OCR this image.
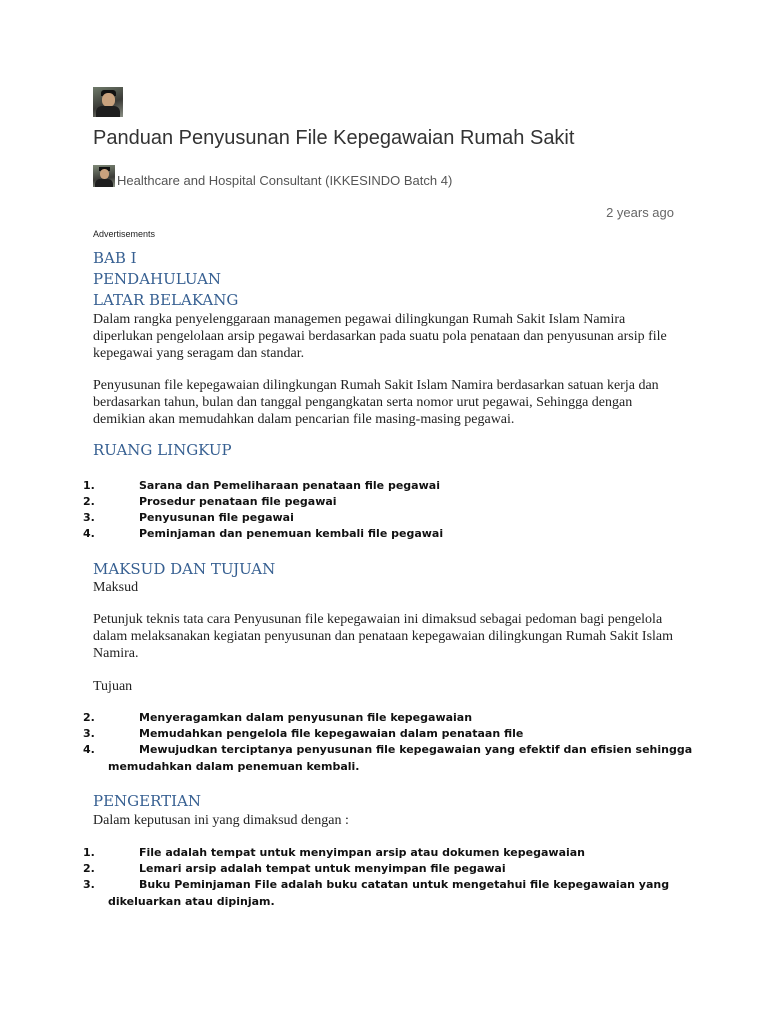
Panduan Penyusunan File Kepegawaian Rumah Sakit
Healthcare and Hospital Consultant (IKKESINDO Batch 4)
2 years ago
Advertisements
BAB I
PENDAHULUAN
LATAR BELAKANG

Dalam rangka penyelenggaraan managemen pegawai dilingkungan Rumah Sakit Islam Namira diperlukan pengelolaan arsip pegawai berdasarkan pada suatu pola penataan dan penyusunan arsip file kepegawai yang seragam dan standar.

Penyusunan file kepegawaian dilingkungan Rumah Sakit Islam Namira berdasarkan satuan kerja dan berdasarkan tahun, bulan dan tanggal pengangkatan serta nomor urut pegawai, Sehingga dengan demikian akan memudahkan dalam pencarian file masing-masing pegawai.

RUANG LINGKUP
1.	Sarana dan Pemeliharaan penataan file pegawai
2.	Prosedur penataan file pegawai
3.	Penyusunan file pegawai
4.	Peminjaman dan penemuan kembali file pegawai
MAKSUD DAN TUJUAN

Maksud

Petunjuk teknis tata cara Penyusunan file kepegawaian ini dimaksud sebagai pedoman bagi pengelola dalam melaksanakan kegiatan penyusunan dan penataan kepegawaian dilingkungan Rumah Sakit Islam Namira.

Tujuan

2.	Menyeragamkan dalam penyusunan file kepegawaian
3.	Memudahkan pengelola file kepegawaian dalam penataan file
4.	Mewujudkan terciptanya penyusunan file kepegawaian yang efektif dan efisien sehingga
memudahkan dalam penemuan kembali.
PENGERTIAN

Dalam keputusan ini yang dimaksud dengan :

1.	File adalah tempat untuk menyimpan arsip atau dokumen kepegawaian
2.	Lemari arsip adalah tempat untuk menyimpan file pegawai
3.	Buku Peminjaman File adalah buku catatan untuk mengetahui file kepegawaian yang
dikeluarkan atau dipinjam.
